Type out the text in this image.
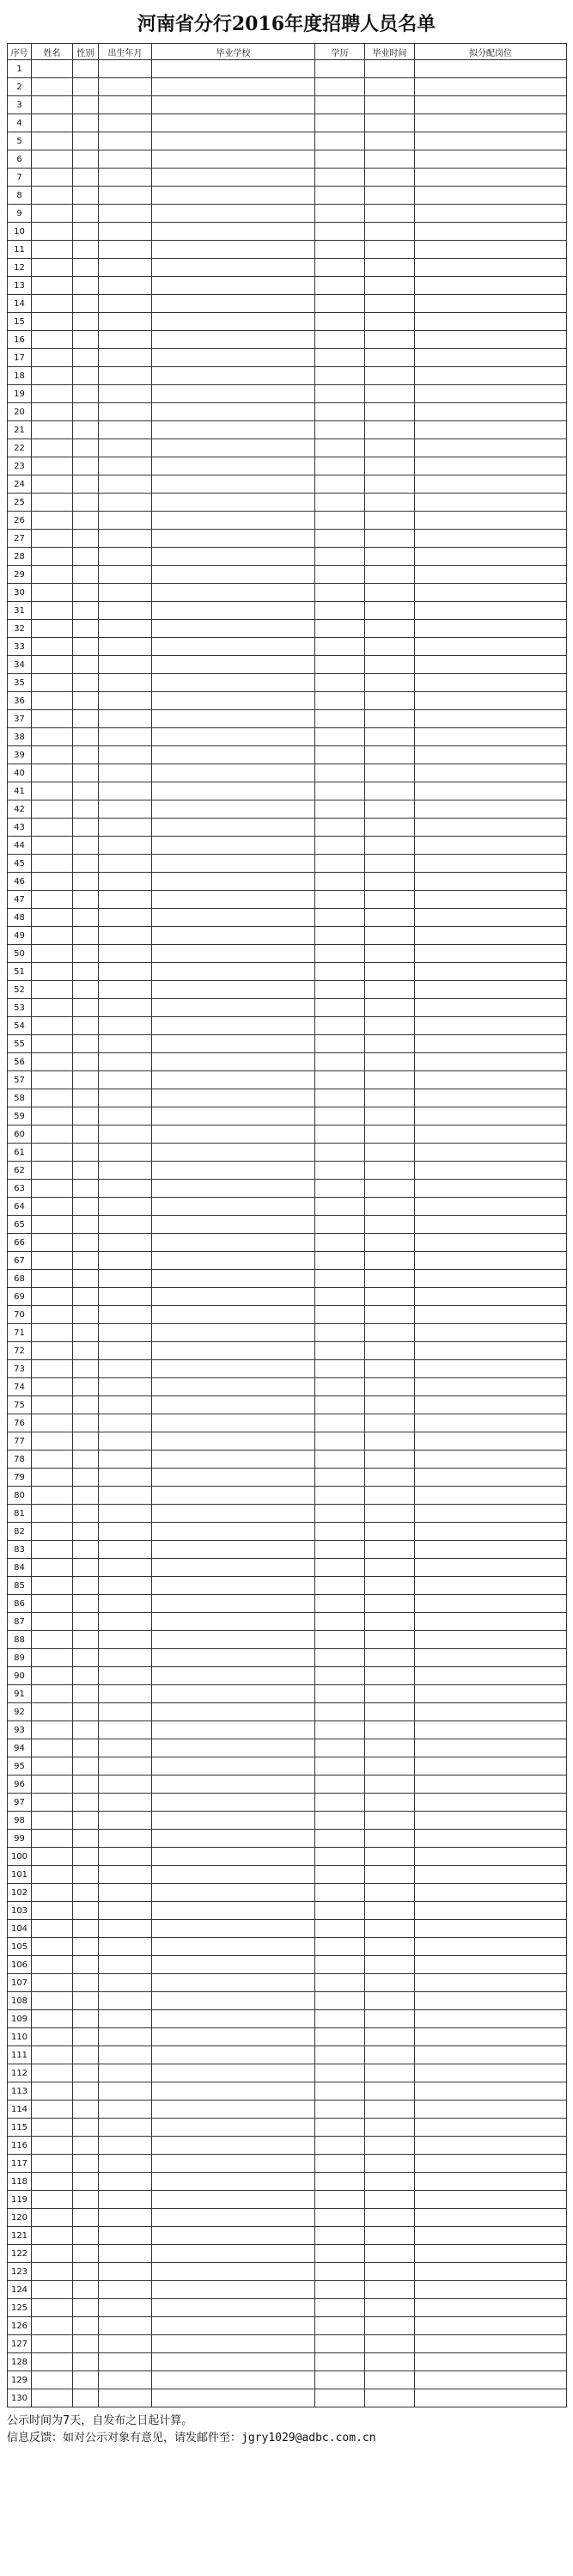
河南省分行2016年度招聘人员名单
序号	姓名	性别	出生年月	毕业学校	学历	毕业时间	拟分配岗位
1							
2							
3							
4							
5							
6							
7							
8							
9							
10							
11							
12							
13							
14							
15							
16							
17							
18							
19							
20							
21							
22							
23							
24							
25							
26							
27							
28							
29							
30							
31							
32							
33							
34							
35							
36							
37							
38							
39							
40							
41							
42							
43							
44							
45							
46							
47							
48							
49							
50							
51							
52							
53							
54							
55							
56							
57							
58							
59							
60							
61							
62							
63							
64							
65							
66							
67							
68							
69							
70							
71							
72							
73							
74							
75							
76							
77							
78							
79							
80							
81							
82							
83							
84							
85							
86							
87							
88							
89							
90							
91							
92							
93							
94							
95							
96							
97							
98							
99							
100							
101							
102							
103							
104							
105							
106							
107							
108							
109							
110							
111							
112							
113							
114							
115							
116							
117							
118							
119							
120							
121							
122							
123							
124							
125							
126							
127							
128							
129							
130							
公示时间为7天，自发布之日起计算。
信息反馈：如对公示对象有意见，请发邮件至：jgry1029@adbc.com.cn
